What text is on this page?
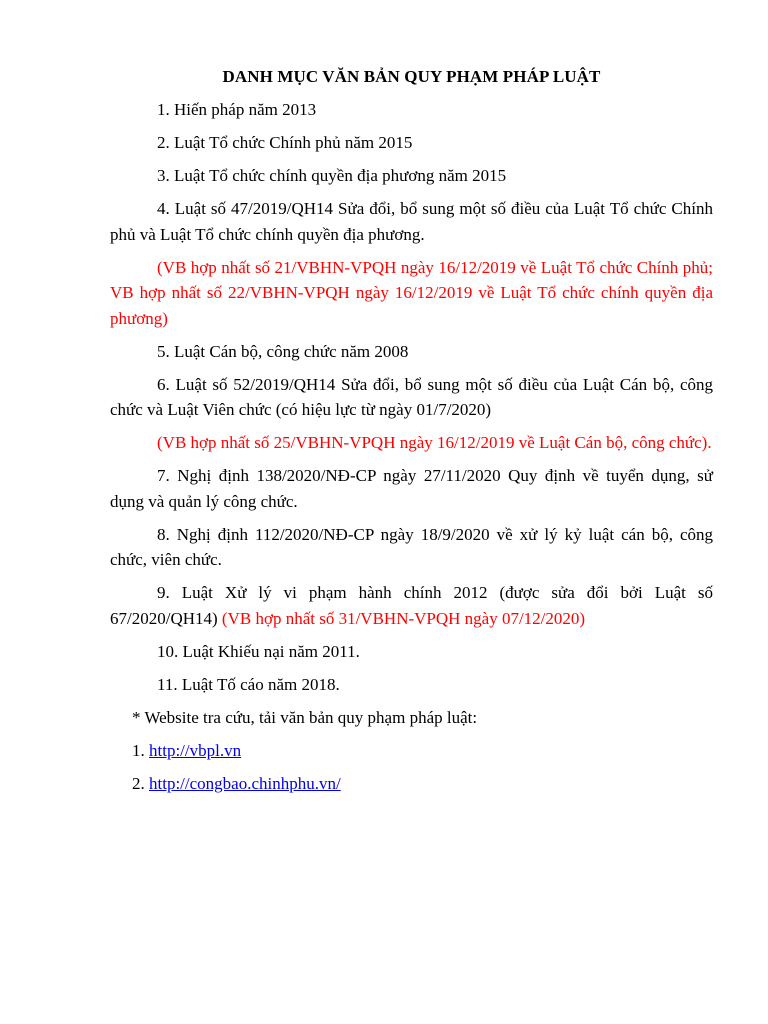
DANH MỤC VĂN BẢN QUY PHẠM PHÁP LUẬT
1. Hiến pháp năm 2013
2. Luật Tổ chức Chính phủ năm 2015
3. Luật Tổ chức chính quyền địa phương năm 2015
4. Luật số 47/2019/QH14 Sửa đổi, bổ sung một số điều của Luật Tổ chức Chính phủ và Luật Tổ chức chính quyền địa phương.
(VB hợp nhất số 21/VBHN-VPQH ngày 16/12/2019 về Luật Tổ chức Chính phủ; VB hợp nhất số 22/VBHN-VPQH ngày 16/12/2019 về Luật Tổ chức chính quyền địa phương)
5. Luật Cán bộ, công chức năm 2008
6. Luật số 52/2019/QH14 Sửa đổi, bổ sung một số điều của Luật Cán bộ, công chức và Luật Viên chức (có hiệu lực từ ngày 01/7/2020)
(VB hợp nhất số 25/VBHN-VPQH ngày 16/12/2019 về Luật Cán bộ, công chức).
7. Nghị định 138/2020/NĐ-CP ngày 27/11/2020 Quy định về tuyển dụng, sử dụng và quản lý công chức.
8. Nghị định 112/2020/NĐ-CP ngày 18/9/2020 về xử lý kỷ luật cán bộ, công chức, viên chức.
9. Luật Xử lý vi phạm hành chính 2012 (được sửa đổi bởi Luật số 67/2020/QH14) (VB hợp nhất số 31/VBHN-VPQH ngày 07/12/2020)
10. Luật Khiếu nại năm 2011.
11. Luật Tố cáo năm 2018.
* Website tra cứu, tải văn bản quy phạm pháp luật:
1. http://vbpl.vn
2. http://congbao.chinhphu.vn/
